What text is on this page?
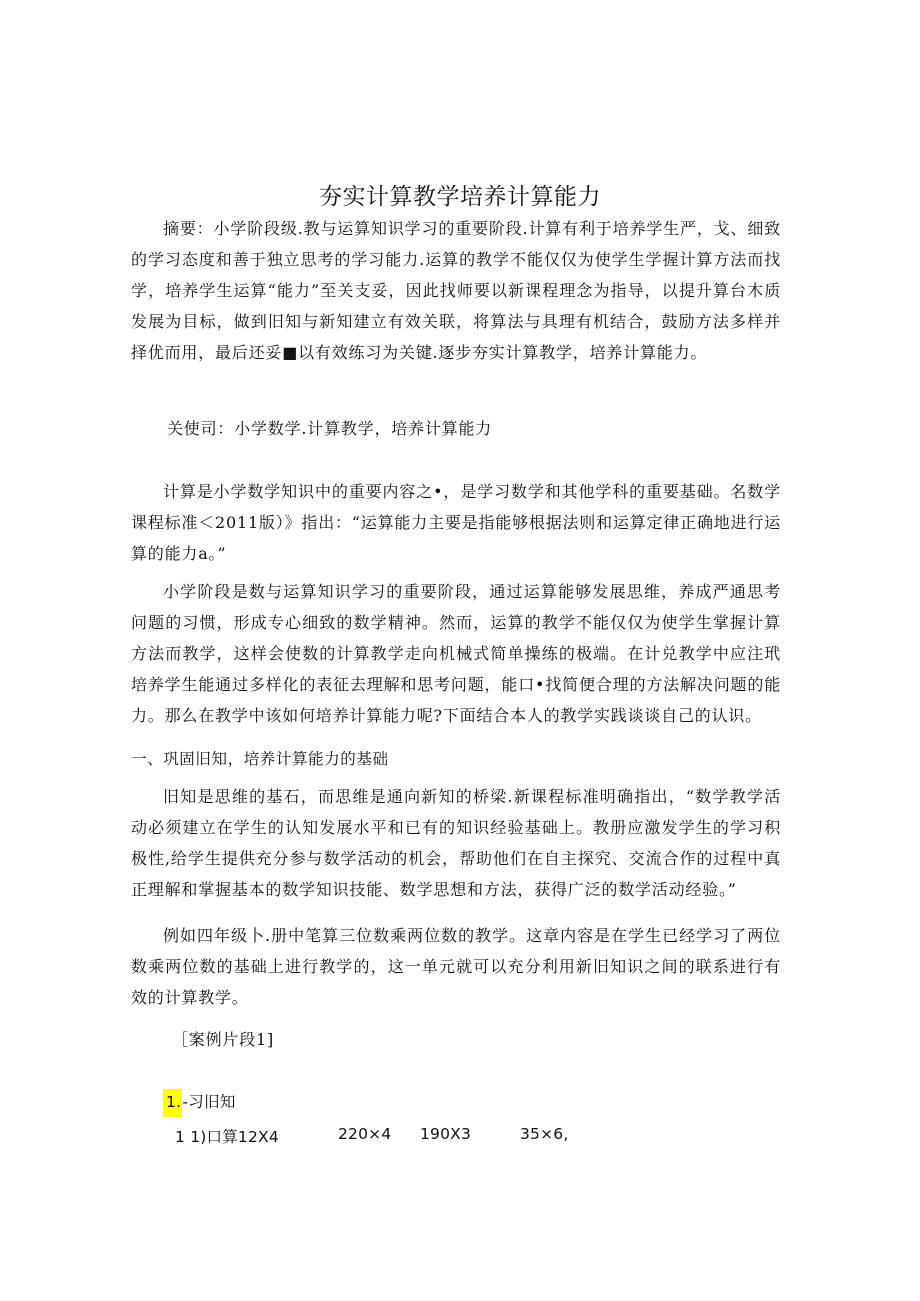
夯实计算教学培养计算能力
摘要：小学阶段级.教与运算知识学习的重要阶段.计算有利于培养学生严，戈、细致的学习态度和善于独立思考的学习能力.运算的教学不能仅仅为使学生学握计算方法而找学，培养学生运算“能力”至关支妥，因此找师要以新课程理念为指导，以提升算台木质发展为目标，做到旧知与新知建立有效关联，将算法与具理有机结合，鼓励方法多样并择优而用，最后还妥■以有效练习为关键.逐步夯实计算教学，培养计算能力。
关使司：小学数学.计算教学，培养计算能力
计算是小学数学知识中的重要内容之•，是学习数学和其他学科的重要基础。名数学课程标准＜2011版）》指出：“运算能力主要是指能够根据法则和运算定律正确地进行运算的能力a。”
小学阶段是数与运算知识学习的重要阶段，通过运算能够发展思维，养成严通思考问题的习惯，形成专心细致的数学精神。然而，运算的教学不能仅仅为使学生掌握计算方法而教学，这样会使数的计算教学走向机械式简单操练的极端。在计兑教学中应注玳培养学生能通过多样化的表征去理解和思考问题，能口•找简便合理的方法解决问题的能力。那么在教学中该如何培养计算能力呢?下面结合本人的教学实践谈谈自己的认识。
一、巩固旧知，培养计算能力的基础
旧知是思维的基石，而思维是通向新知的桥梁.新课程标准明确指出，“数学教学活动必须建立在学生的认知发展水平和已有的知识经验基础上。教册应激发学生的学习积极性,给学生提供充分参与数学活动的机会，帮助他们在自主探究、交流合作的过程中真正理解和掌握基本的数学知识技能、数学思想和方法，获得广泛的数学活动经验。”
例如四年级卜.册中笔算三位数乘两位数的教学。这章内容是在学生已经学习了两位数乘两位数的基础上进行教学的，这一单元就可以充分利用新旧知识之间的联系进行有效的计算教学。
［案例片段1]
1.-习旧知
1 1)口算12X4	220×4 190X3	35×6,
